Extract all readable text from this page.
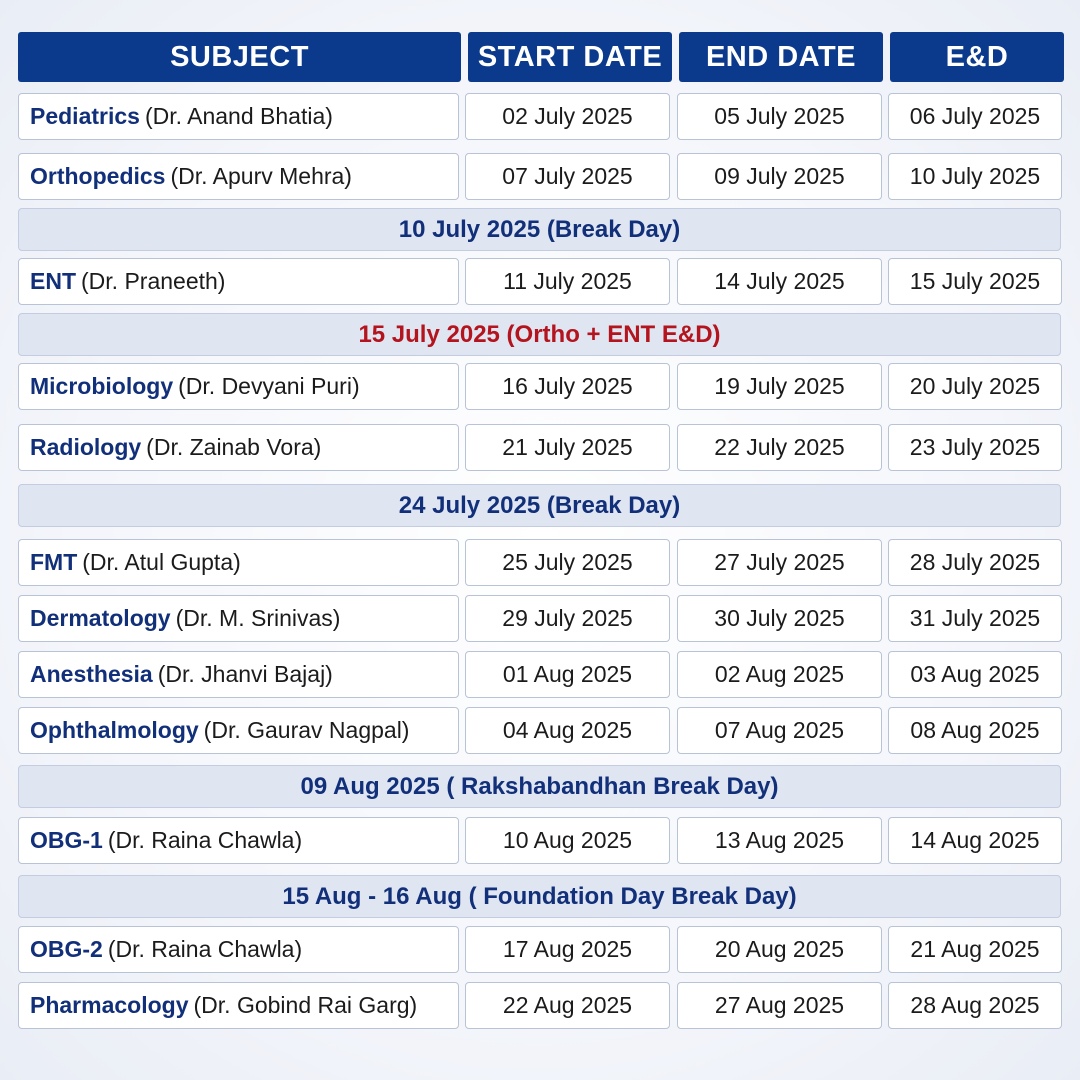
SUBJECT	START DATE	END DATE	E&D
Pediatrics (Dr. Anand Bhatia)	02 July 2025	05 July 2025	06 July 2025
Orthopedics (Dr. Apurv Mehra)	07 July 2025	09 July 2025	10 July 2025
10 July 2025 (Break Day)
ENT (Dr. Praneeth)	11 July 2025	14 July 2025	15 July 2025
15 July 2025 (Ortho + ENT E&D)
Microbiology (Dr. Devyani Puri)	16 July 2025	19 July 2025	20 July 2025
Radiology (Dr. Zainab Vora)	21 July 2025	22 July 2025	23 July 2025
24 July 2025 (Break Day)
FMT (Dr. Atul Gupta)	25 July 2025	27 July 2025	28 July 2025
Dermatology (Dr. M. Srinivas)	29 July 2025	30 July 2025	31 July 2025
Anesthesia (Dr. Jhanvi Bajaj)	01 Aug 2025	02 Aug 2025	03 Aug 2025
Ophthalmology (Dr. Gaurav Nagpal)	04 Aug 2025	07 Aug 2025	08 Aug 2025
09 Aug 2025 ( Rakshabandhan Break Day)
OBG-1 (Dr. Raina Chawla)	10 Aug 2025	13 Aug 2025	14 Aug 2025
15 Aug - 16 Aug ( Foundation Day Break Day)
OBG-2 (Dr. Raina Chawla)	17 Aug 2025	20 Aug 2025	21 Aug 2025
Pharmacology (Dr. Gobind Rai Garg)	22 Aug 2025	27 Aug 2025	28 Aug 2025
